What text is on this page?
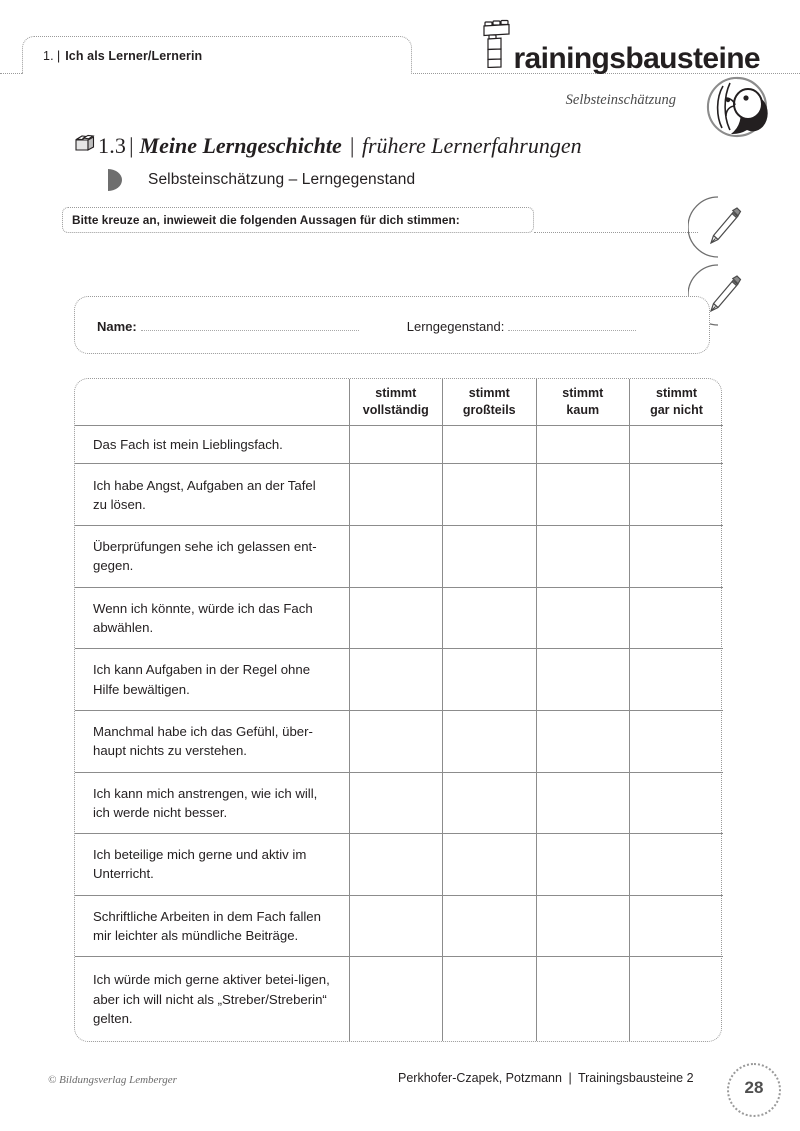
1. | Ich als Lerner/Lernerin	rainingsbausteine
Selbsteinschätzung
1.3 | Meine Lerngeschichte | frühere Lernerfahrungen
Selbsteinschätzung – Lerngegenstand
Bitte kreuze an, inwieweit die folgenden Aussagen für dich stimmen:
Name:	Lerngegenstand:

stimmt
vollständig

stimmt
großteils

stimmt
kaum

stimmt
gar nicht

Das Fach ist mein Lieblingsfach.				
Ich habe Angst, Aufgaben an der Tafel zu lösen.				
Überprüfungen sehe ich gelassen ent-gegen.				
Wenn ich könnte, würde ich das Fach abwählen.				
Ich kann Aufgaben in der Regel ohne Hilfe bewältigen.				
Manchmal habe ich das Gefühl, über-haupt nichts zu verstehen.				
Ich kann mich anstrengen, wie ich will, ich werde nicht besser.				
Ich beteilige mich gerne und aktiv im Unterricht.				
Schriftliche Arbeiten in dem Fach fallen mir leichter als mündliche Beiträge.				
Ich würde mich gerne aktiver betei-ligen, aber ich will nicht als „Streber/Streberin“ gelten.				
© Bildungsverlag Lemberger	Perkhofer-Czapek, Potzmann | Trainingsbausteine 2	28
